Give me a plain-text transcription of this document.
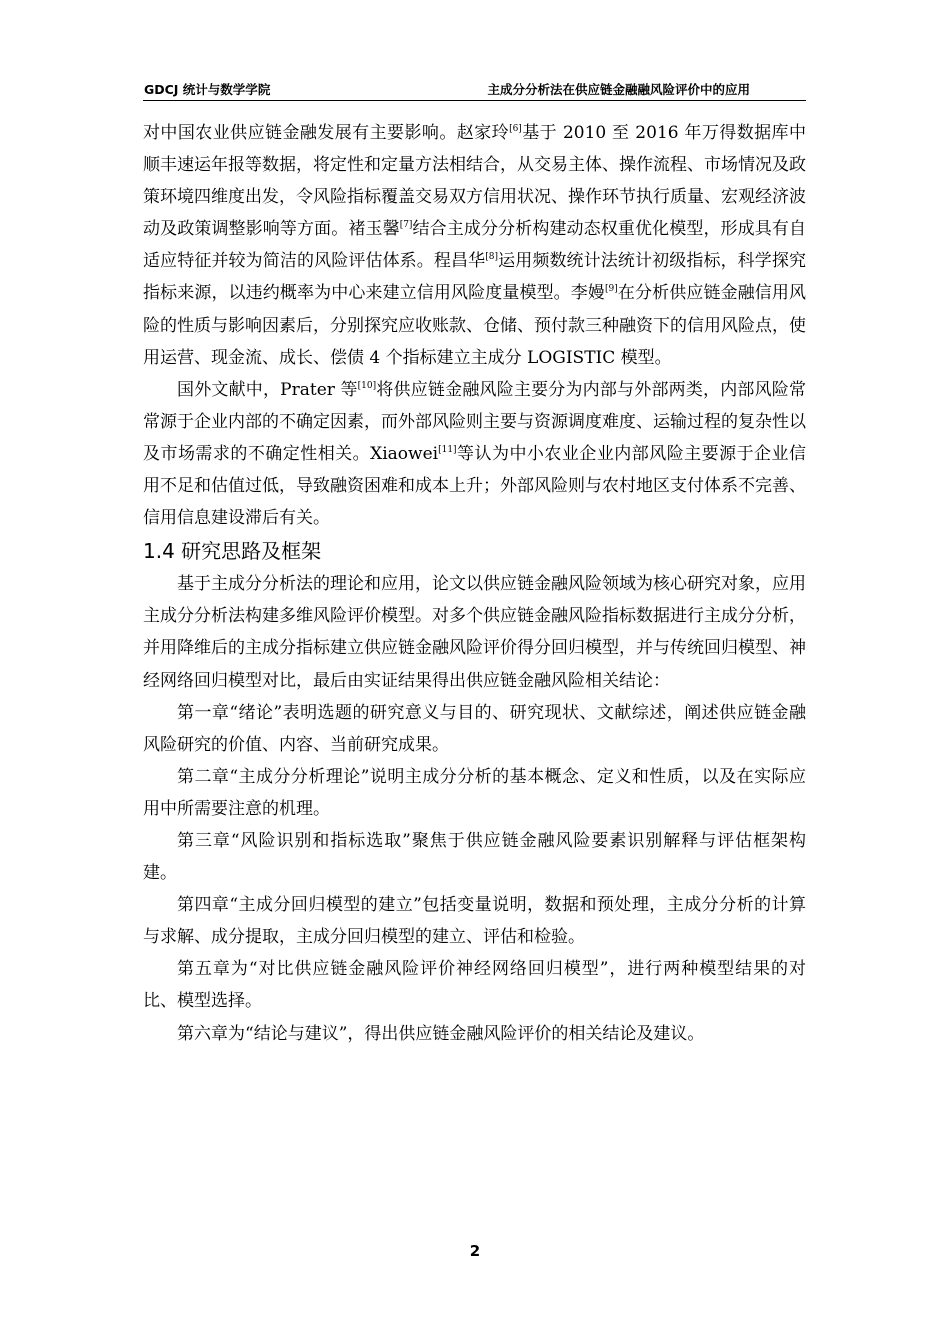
GDCJ 统计与数学学院	主成分分析法在供应链金融融风险评价中的应用

对中国农业供应链金融发展有主要影响。赵家玲[6]基于 2010 至 2016 年万得数据库中顺丰速运年报等数据，将定性和定量方法相结合，从交易主体、操作流程、市场情况及政策环境四维度出发，令风险指标覆盖交易双方信用状况、操作环节执行质量、宏观经济波动及政策调整影响等方面。褚玉馨[7]结合主成分分析构建动态权重优化模型，形成具有自适应特征并较为简洁的风险评估体系。程昌华[8]运用频数统计法统计初级指标，科学探究指标来源，以违约概率为中心来建立信用风险度量模型。李嫚[9]在分析供应链金融信用风险的性质与影响因素后，分别探究应收账款、仓储、预付款三种融资下的信用风险点，使用运营、现金流、成长、偿债 4 个指标建立主成分 LOGISTIC 模型。

国外文献中，Prater 等[10]将供应链金融风险主要分为内部与外部两类，内部风险常常源于企业内部的不确定因素，而外部风险则主要与资源调度难度、运输过程的复杂性以及市场需求的不确定性相关。Xiaowei[11]等认为中小农业企业内部风险主要源于企业信用不足和估值过低，导致融资困难和成本上升；外部风险则与农村地区支付体系不完善、信用信息建设滞后有关。

1.4 研究思路及框架

基于主成分分析法的理论和应用，论文以供应链金融风险领域为核心研究对象，应用主成分分析法构建多维风险评价模型。对多个供应链金融风险指标数据进行主成分分析，并用降维后的主成分指标建立供应链金融风险评价得分回归模型，并与传统回归模型、神经网络回归模型对比，最后由实证结果得出供应链金融风险相关结论：

第一章“绪论”表明选题的研究意义与目的、研究现状、文献综述，阐述供应链金融风险研究的价值、内容、当前研究成果。

第二章“主成分分析理论”说明主成分分析的基本概念、定义和性质，以及在实际应用中所需要注意的机理。

第三章“风险识别和指标选取”聚焦于供应链金融风险要素识别解释与评估框架构建。

第四章“主成分回归模型的建立”包括变量说明，数据和预处理，主成分分析的计算与求解、成分提取，主成分回归模型的建立、评估和检验。

第五章为“对比供应链金融风险评价神经网络回归模型”，进行两种模型结果的对比、模型选择。

第六章为“结论与建议”，得出供应链金融风险评价的相关结论及建议。

2
